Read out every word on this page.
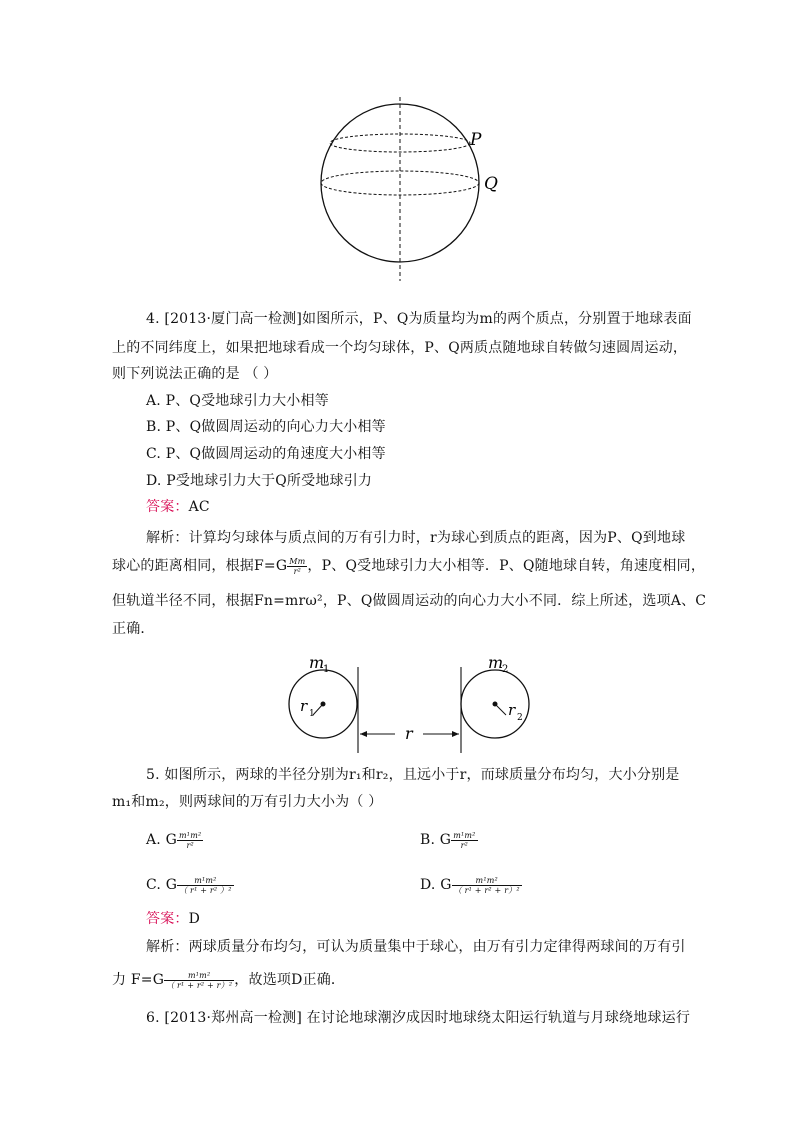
P
Q
4. [2013·厦门高一检测]如图所示，P、Q为质量均为m的两个质点，分别置于地球表面
上的不同纬度上，如果把地球看成一个均匀球体，P、Q两质点随地球自转做匀速圆周运动，
则下列说法正确的是 （ ）
A. P、Q受地球引力大小相等
B. P、Q做圆周运动的向心力大小相等
C. P、Q做圆周运动的角速度大小相等
D. P受地球引力大于Q所受地球引力
答案：AC
解析：计算均匀球体与质点间的万有引力时，r为球心到质点的距离，因为P、Q到地球
球心的距离相同，根据$F=G \frac{Mm}{\text{r²}}$ ，P、Q受地球引力大小相等．P、Q随地球自转，角速度相同，
但轨道半径不同，根据Fn=mrω²，P、Q做圆周运动的向心力大小不同．综上所述，选项A、C
正确．
m
1
r 1
m
2
r 2
r
5. 如图所示，两球的半径分别为r₁和r₂，且远小于r，而球质量分布均匀，大小分别是
m₁和m₂，则两球间的万有引力大小为（ ）
A. G $\frac{\text{m¹m²}}{\text{r²}}$	B. G $\frac{\text{m¹m²}}{\text{r²}}$
C. G $\frac{\text{m¹m²}}{\text{（ r¹ + r² ）²}}$	D. G $\frac{\text{m¹m²}}{\text{（ r¹ + r² + r）²}}$
答案：D
解析：两球质量分布均匀，可认为质量集中于球心，由万有引力定律得两球间的万有引
力 $F=G \frac{\text{m¹m²}}{\text{（ r¹ + r² + r）²}}$ ，故选项D正确．
6. [2013·郑州高一检测] 在讨论地球潮汐成因时地球绕太阳运行轨道与月球绕地球运行
